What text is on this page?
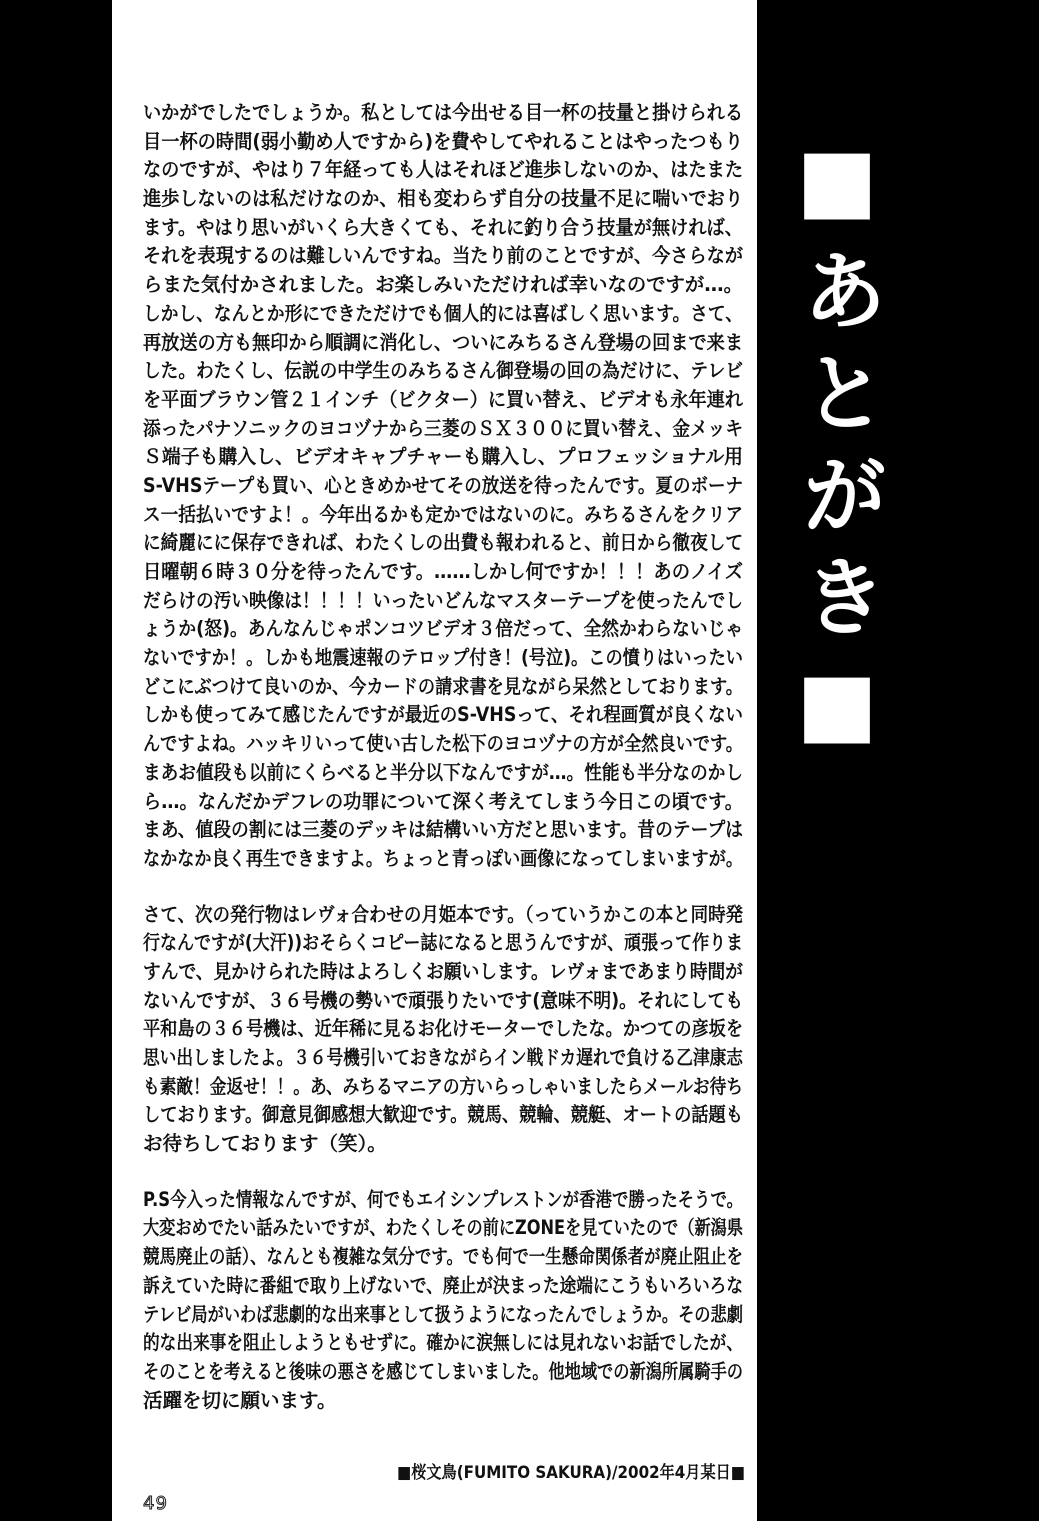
■あとがき■
いかがでしたでしょうか。私としては今出せる目一杯の技量と掛けられる
目一杯の時間(弱小勤め人ですから)を費やしてやれることはやったつもり
なのですが、やはり７年経っても人はそれほど進歩しないのか、はたまた
進歩しないのは私だけなのか、相も変わらず自分の技量不足に喘いでおり
ます。やはり思いがいくら大きくても、それに釣り合う技量が無ければ、
それを表現するのは難しいんですね。当たり前のことですが、今さらなが
らまた気付かされました。お楽しみいただければ幸いなのですが…。
しかし、なんとか形にできただけでも個人的には喜ばしく思います。さて、
再放送の方も無印から順調に消化し、ついにみちるさん登場の回まで来ま
した。わたくし、伝説の中学生のみちるさん御登場の回の為だけに、テレビ
を平面ブラウン管２１インチ（ビクター）に買い替え、ビデオも永年連れ
添ったパナソニックのヨコヅナから三菱のＳＸ３００に買い替え、金メッキ
Ｓ端子も購入し、ビデオキャプチャーも購入し、プロフェッショナル用
S-VHSテープも買い、心ときめかせてその放送を待ったんです。夏のボーナ
ス一括払いですよ！。今年出るかも定かではないのに。みちるさんをクリア
に綺麗にに保存できれば、わたくしの出費も報われると、前日から徹夜して
日曜朝６時３０分を待ったんです。……しかし何ですか！！！あのノイズ
だらけの汚い映像は！！！！いったいどんなマスターテープを使ったんでし
ょうか(怒)。あんなんじゃポンコツビデオ３倍だって、全然かわらないじゃ
ないですか！。しかも地震速報のテロップ付き！(号泣)。この憤りはいったい
どこにぶつけて良いのか、今カードの請求書を見ながら呆然としております。
しかも使ってみて感じたんですが最近のS-VHSって、それ程画質が良くない
んですよね。ハッキリいって使い古した松下のヨコヅナの方が全然良いです。
まあお値段も以前にくらべると半分以下なんですが…。性能も半分なのかし
ら…。なんだかデフレの功罪について深く考えてしまう今日この頃です。
まあ、値段の割には三菱のデッキは結構いい方だと思います。昔のテープは
なかなか良く再生できますよ。ちょっと青っぽい画像になってしまいますが。
さて、次の発行物はレヴォ合わせの月姫本です。（っていうかこの本と同時発
行なんですが(大汗))おそらくコピー誌になると思うんですが、頑張って作りま
すんで、見かけられた時はよろしくお願いします。レヴォまであまり時間が
ないんですが、３６号機の勢いで頑張りたいです(意味不明)。それにしても
平和島の３６号機は、近年稀に見るお化けモーターでしたな。かつての彦坂を
思い出しましたよ。３６号機引いておきながらイン戦ドカ遅れで負ける乙津康志
も素敵！金返せ！！。あ、みちるマニアの方いらっしゃいましたらメールお待ち
しております。御意見御感想大歓迎です。競馬、競輪、競艇、オートの話題も
お待ちしております（笑）。
P.S今入った情報なんですが、何でもエイシンプレストンが香港で勝ったそうで。
大変おめでたい話みたいですが、わたくしその前にZONEを見ていたので（新潟県
競馬廃止の話）、なんとも複雑な気分です。でも何で一生懸命関係者が廃止阻止を
訴えていた時に番組で取り上げないで、廃止が決まった途端にこうもいろいろな
テレビ局がいわば悲劇的な出来事として扱うようになったんでしょうか。その悲劇
的な出来事を阻止しようともせずに。確かに涙無しには見れないお話でしたが、
そのことを考えると後味の悪さを感じてしまいました。他地域での新潟所属騎手の
活躍を切に願います。
■桜文鳥(FUMITO SAKURA)/2002年4月某日■
49
